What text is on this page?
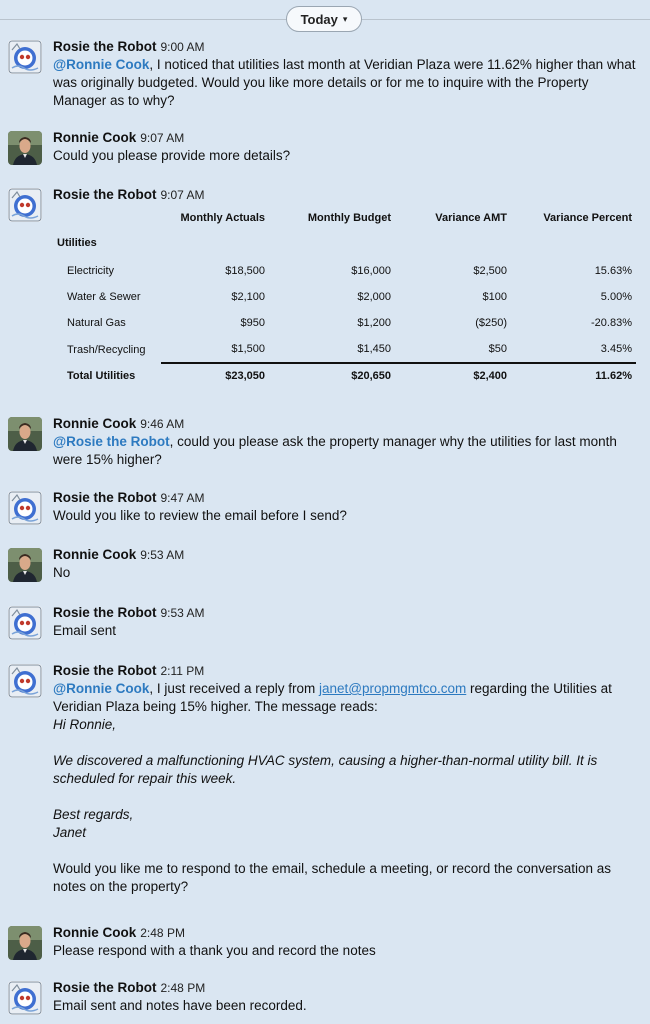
Today ▾
Rosie the Robot 9:00 AM
@Ronnie Cook, I noticed that utilities last month at Veridian Plaza were 11.62% higher than what was originally budgeted. Would you like more details or for me to inquire with the Property Manager as to why?
Ronnie Cook 9:07 AM
Could you please provide more details?
Rosie the Robot 9:07 AM
	Monthly Actuals	Monthly Budget	Variance AMT	Variance Percent
Utilities				
Electricity	$18,500	$16,000	$2,500	15.63%
Water & Sewer	$2,100	$2,000	$100	5.00%
Natural Gas	$950	$1,200	($250)	-20.83%
Trash/Recycling	$1,500	$1,450	$50	3.45%
Total Utilities	$23,050	$20,650	$2,400	11.62%
Ronnie Cook 9:46 AM
@Rosie the Robot, could you please ask the property manager why the utilities for last month were 15% higher?
Rosie the Robot 9:47 AM
Would you like to review the email before I send?
Ronnie Cook 9:53 AM
No
Rosie the Robot 9:53 AM
Email sent
Rosie the Robot 2:11 PM
@Ronnie Cook, I just received a reply from janet@propmgmtco.com regarding the Utilities at Veridian Plaza being 15% higher. The message reads:
Hi Ronnie,
We discovered a malfunctioning HVAC system, causing a higher-than-normal utility bill. It is scheduled for repair this week.
Best regards,
Janet
Would you like me to respond to the email, schedule a meeting, or record the conversation as notes on the property?
Ronnie Cook 2:48 PM
Please respond with a thank you and record the notes
Rosie the Robot 2:48 PM
Email sent and notes have been recorded.
